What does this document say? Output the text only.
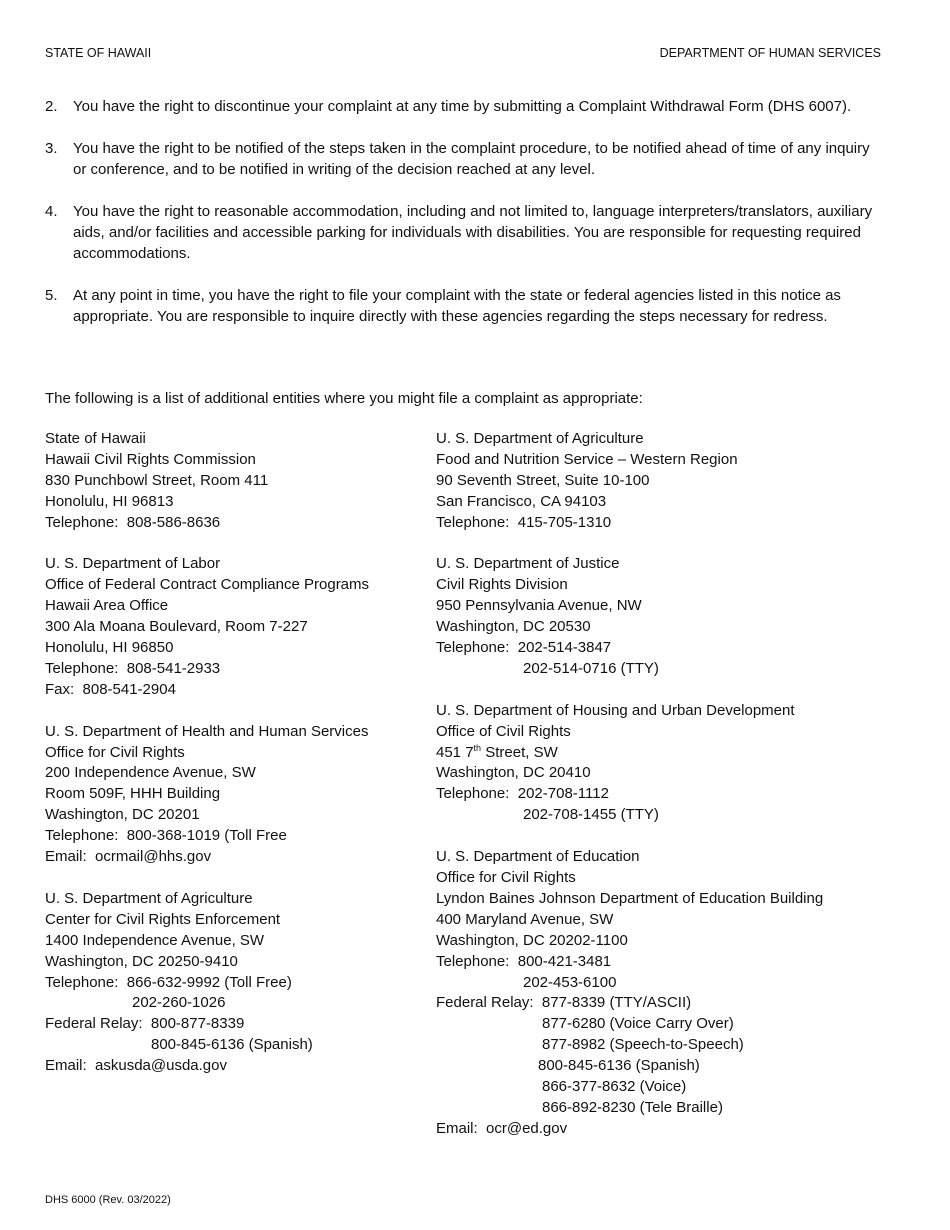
STATE OF HAWAII	DEPARTMENT OF HUMAN SERVICES
2.	You have the right to discontinue your complaint at any time by submitting a Complaint Withdrawal Form (DHS 6007).
3.	You have the right to be notified of the steps taken in the complaint procedure, to be notified ahead of time of any inquiry or conference, and to be notified in writing of the decision reached at any level.
4.	You have the right to reasonable accommodation, including and not limited to, language interpreters/translators, auxiliary aids, and/or facilities and accessible parking for individuals with disabilities. You are responsible for requesting required accommodations.
5.	At any point in time, you have the right to file your complaint with the state or federal agencies listed in this notice as appropriate. You are responsible to inquire directly with these agencies regarding the steps necessary for redress.
The following is a list of additional entities where you might file a complaint as appropriate:
State of Hawaii
Hawaii Civil Rights Commission
830 Punchbowl Street, Room 411
Honolulu, HI 96813
Telephone:  808-586-8636
U. S. Department of Labor
Office of Federal Contract Compliance Programs
Hawaii Area Office
300 Ala Moana Boulevard, Room 7-227
Honolulu, HI 96850
Telephone:  808-541-2933
Fax:  808-541-2904
U. S. Department of Health and Human Services
Office for Civil Rights
200 Independence Avenue, SW
Room 509F, HHH Building
Washington, DC 20201
Telephone:  800-368-1019 (Toll Free
Email:  ocrmail@hhs.gov
U. S. Department of Agriculture
Center for Civil Rights Enforcement
1400 Independence Avenue, SW
Washington, DC 20250-9410
Telephone:  866-632-9992 (Toll Free)
202-260-1026
Federal Relay:  800-877-8339
800-845-6136 (Spanish)
Email:  askusda@usda.gov
U. S. Department of Agriculture
Food and Nutrition Service – Western Region
90 Seventh Street, Suite 10-100
San Francisco, CA 94103
Telephone:  415-705-1310
U. S. Department of Justice
Civil Rights Division
950 Pennsylvania Avenue, NW
Washington, DC 20530
Telephone:  202-514-3847
202-514-0716 (TTY)
U. S. Department of Housing and Urban Development
Office of Civil Rights
451 7th Street, SW
Washington, DC 20410
Telephone:  202-708-1112
202-708-1455 (TTY)
U. S. Department of Education
Office for Civil Rights
Lyndon Baines Johnson Department of Education Building
400 Maryland Avenue, SW
Washington, DC 20202-1100
Telephone:  800-421-3481
202-453-6100
Federal Relay:  877-8339 (TTY/ASCII)
877-6280 (Voice Carry Over)
877-8982 (Speech-to-Speech)
800-845-6136 (Spanish)
866-377-8632 (Voice)
866-892-8230 (Tele Braille)
Email:  ocr@ed.gov
DHS 6000 (Rev. 03/2022)
